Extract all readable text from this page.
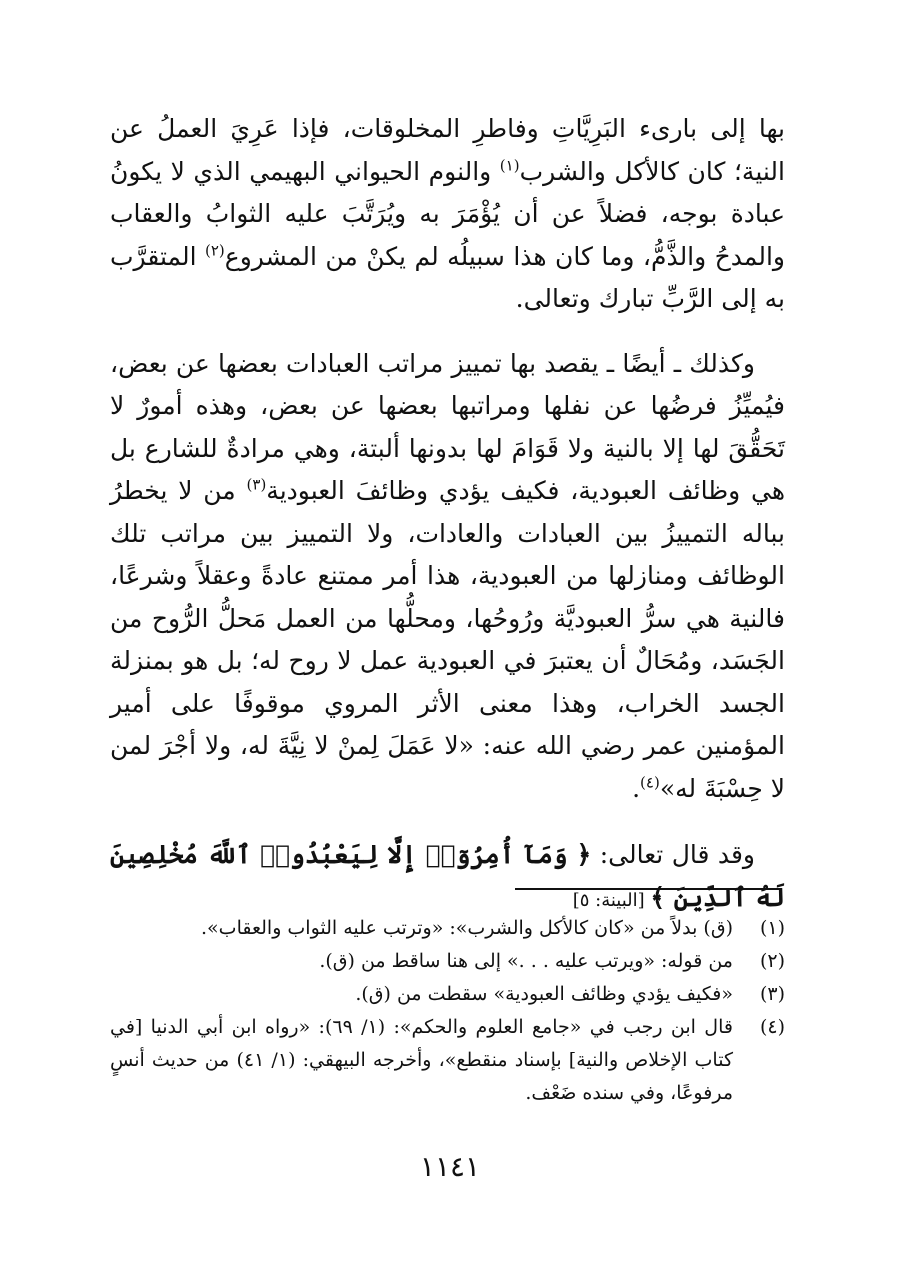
بها إلى بارىء البَرِيَّاتِ وفاطرِ المخلوقات، فإذا عَرِيَ العملُ عن النية؛ كان كالأكل والشرب$^{(١)}$ والنوم الحيواني البهيمي الذي لا يكونُ عبادة بوجه، فضلاً عن أن يُؤْمَرَ به ويُرَتَّبَ عليه الثوابُ والعقاب والمدحُ والذَّمُّ، وما كان هذا سبيلُه لم يكنْ من المشروع$^{(٢)}$ المتقرَّب به إلى الرَّبِّ تبارك وتعالى.

وكذلك ـ أيضًا ـ يقصد بها تمييز مراتب العبادات بعضها عن بعض، فيُميِّزُ فرضُها عن نفلها ومراتبها بعضها عن بعض، وهذه أمورٌ لا تَحَقُّقَ لها إلا بالنية ولا قَوَامَ لها بدونها ألبتة، وهي مرادةٌ للشارع بل هي وظائف العبودية، فكيف يؤدي وظائفَ العبودية$^{(٣)}$ من لا يخطرُ بباله التمييزُ بين العبادات والعادات، ولا التمييز بين مراتب تلك الوظائف ومنازلها من العبودية، هذا أمر ممتنع عادةً وعقلاً وشرعًا، فالنية هي سرُّ العبوديَّة ورُوحُها، ومحلُّها من العمل مَحلُّ الرُّوح من الجَسَد، ومُحَالٌ أن يعتبرَ في العبودية عمل لا روح له؛ بل هو بمنزلة الجسد الخراب، وهذا معنى الأثر المروي موقوفًا على أمير المؤمنين عمر رضي الله عنه: «لا عَمَلَ لِمنْ لا نِيَّةَ له، ولا أجْرَ لمن لا حِسْبَةَ له»$^{(٤)}$.

وقد قال تعالى: ﴿ وَمَآ أُمِرُوٓا۟ إِلَّا لِيَعْبُدُوا۟ ٱللَّهَ مُخْلِصِينَ لَهُ ٱلدِّينَ ﴾ [البينة: ٥]

(١)
(ق) بدلاً من «كان كالأكل والشرب»: «وترتب عليه الثواب والعقاب».
(٢)
من قوله: «ويرتب عليه . . .» إلى هنا ساقط من (ق).
(٣)
«فكيف يؤدي وظائف العبودية» سقطت من (ق).
(٤)
قال ابن رجب في «جامع العلوم والحكم»: (١/ ٦٩): «رواه ابن أبي الدنيا [في كتاب الإخلاص والنية] بإسناد منقطع»، وأخرجه البيهقي: (١/ ٤١) من حديث أنسٍ مرفوعًا، وفي سنده ضَعْف.
١١٤١
